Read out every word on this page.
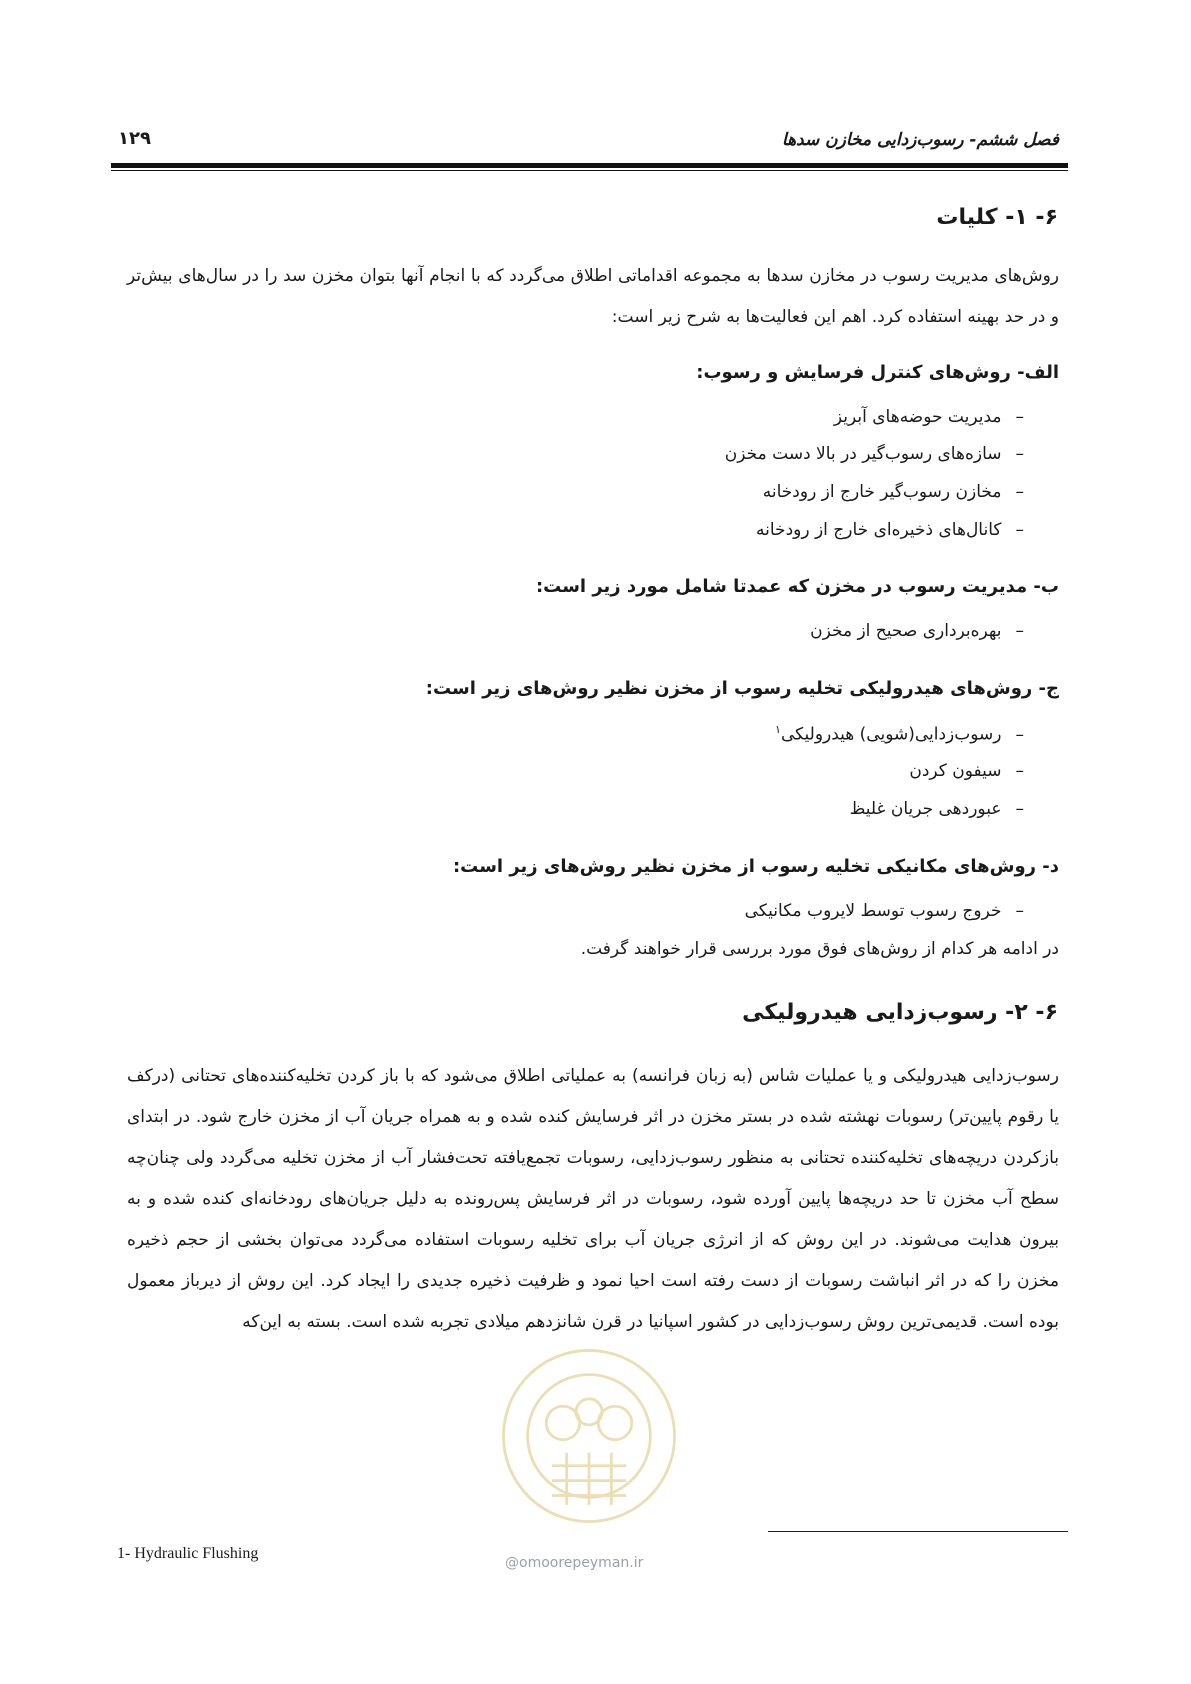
فصل ششم- رسوب‌زدایی مخازن سدها
۱۲۹
۶- ۱- کلیات

روش‌های مدیریت رسوب در مخازن سدها به مجموعه اقداماتی اطلاق می‌گردد که با انجام آنها بتوان مخزن سد را در سال‌های بیش‌تر و در حد بهینه استفاده کرد. اهم این فعالیت‌ها به شرح زیر است:

الف- روش‌های کنترل فرسایش و رسوب:
–مدیریت حوضه‌های آبریز
–سازه‌های رسوب‌گیر در بالا دست مخزن
–مخازن رسوب‌گیر خارج از رودخانه
–کانال‌های ذخیره‌ای خارج از رودخانه
ب- مدیریت رسوب در مخزن که عمدتا شامل مورد زیر است:
–بهره‌برداری صحیح از مخزن
ج- روش‌های هیدرولیکی تخلیه رسوب از مخزن نظیر روش‌های زیر است:
–رسوب‌زدایی(شویی) هیدرولیکی$^۱$
–سیفون کردن
–عبوردهی جریان غلیظ
د- روش‌های مکانیکی تخلیه رسوب از مخزن نظیر روش‌های زیر است:
–خروج رسوب توسط لایروب مکانیکی
در ادامه هر کدام از روش‌های فوق مورد بررسی قرار خواهند گرفت.
۶- ۲- رسوب‌زدایی هیدرولیکی

رسوب‌زدایی هیدرولیکی و یا عملیات شاس (به زبان فرانسه) به عملیاتی اطلاق می‌شود که با باز کردن تخلیه‌کننده‌های تحتانی (درکف یا رقوم پایین‌تر) رسوبات نهشته شده در بستر مخزن در اثر فرسایش کنده شده و به همراه جریان آب از مخزن خارج شود. در ابتدای بازکردن دریچه‌های تخلیه‌کننده تحتانی به منظور رسوب‌زدایی، رسوبات تجمع‌یافته تحت‌فشار آب از مخزن تخلیه می‌گردد ولی چنان‌چه سطح آب مخزن تا حد دریچه‌ها پایین آورده شود، رسوبات در اثر فرسایش پس‌رونده به دلیل جریان‌های رودخانه‌ای کنده شده و به بیرون هدایت می‌شوند. در این روش که از انرژی جریان آب برای تخلیه رسوبات استفاده می‌گردد می‌توان بخشی از حجم ذخیره مخزن را که در اثر انباشت رسوبات از دست رفته است احیا نمود و ظرفیت ذخیره جدیدی را ایجاد کرد. این روش از دیرباز معمول بوده است. قدیمی‌ترین روش رسوب‌زدایی در کشور اسپانیا در قرن شانزدهم میلادی تجربه شده است. بسته به این‌که

1- Hydraulic Flushing
@omoorepeyman.ir
